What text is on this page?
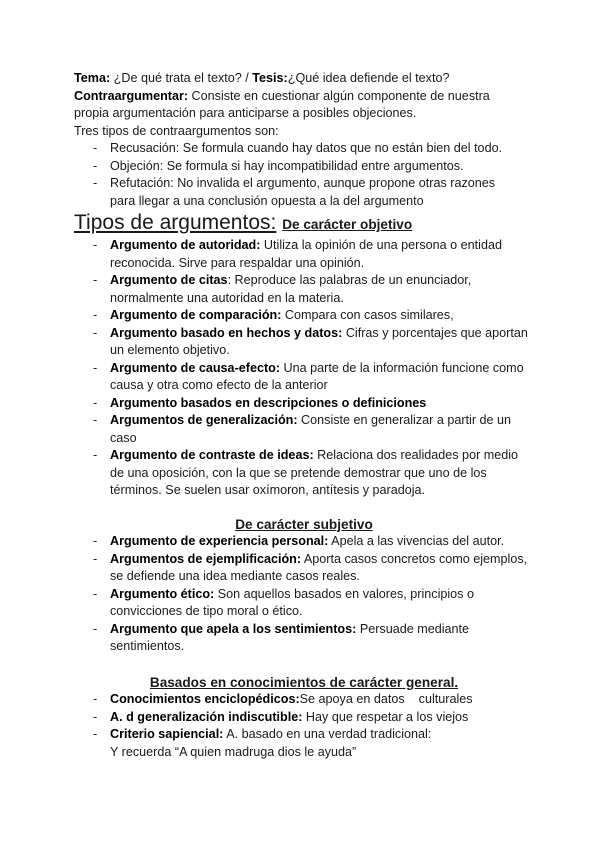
Tema: ¿De qué trata el texto? / Tesis:¿Qué idea defiende el texto?
Contraargumentar: Consiste en cuestionar algún componente de nuestra
propia argumentación para anticiparse a posibles objeciones.
Tres tipos de contraargumentos son:
- Recusación: Se formula cuando hay datos que no están bien del todo.
- Objeción: Se formula si hay incompatibilidad entre argumentos.
- Refutación: No invalida el argumento, aunque propone otras razones para llegar a una conclusión opuesta a la del argumento
Tipos de argumentos: De carácter objetivo
- Argumento de autoridad: Utiliza la opinión de una persona o entidad reconocida. Sirve para respaldar una opinión.
- Argumento de citas: Reproduce las palabras de un enunciador, normalmente una autoridad en la materia.
- Argumento de comparación: Compara con casos similares,
- Argumento basado en hechos y datos: Cifras y porcentajes que aportan un elemento objetivo.
- Argumento de causa-efecto: Una parte de la información funcione como causa y otra como efecto de la anterior
- Argumento basados en descripciones o definiciones
- Argumentos de generalización: Consiste en generalizar a partir de un caso
- Argumento de contraste de ideas: Relaciona dos realidades por medio de una oposición, con la que se pretende demostrar que uno de los términos. Se suelen usar oxímoron, antítesis y paradoja.
De carácter subjetivo
- Argumento de experiencia personal: Apela a las vivencias del autor.
- Argumentos de ejemplificación: Aporta casos concretos como ejemplos, se defiende una idea mediante casos reales.
- Argumento ético: Son aquellos basados en valores, principios o convicciones de tipo moral o ético.
- Argumento que apela a los sentimientos: Persuade mediante sentimientos.
Basados en conocimientos de carácter general.
- Conocimientos enciclopédicos:Se apoya en datos    culturales
- A. d generalización indiscutible: Hay que respetar a los viejos
- Criterio sapiencial: A. basado en una verdad tradicional:
Y recuerda “A quien madruga dios le ayuda”
